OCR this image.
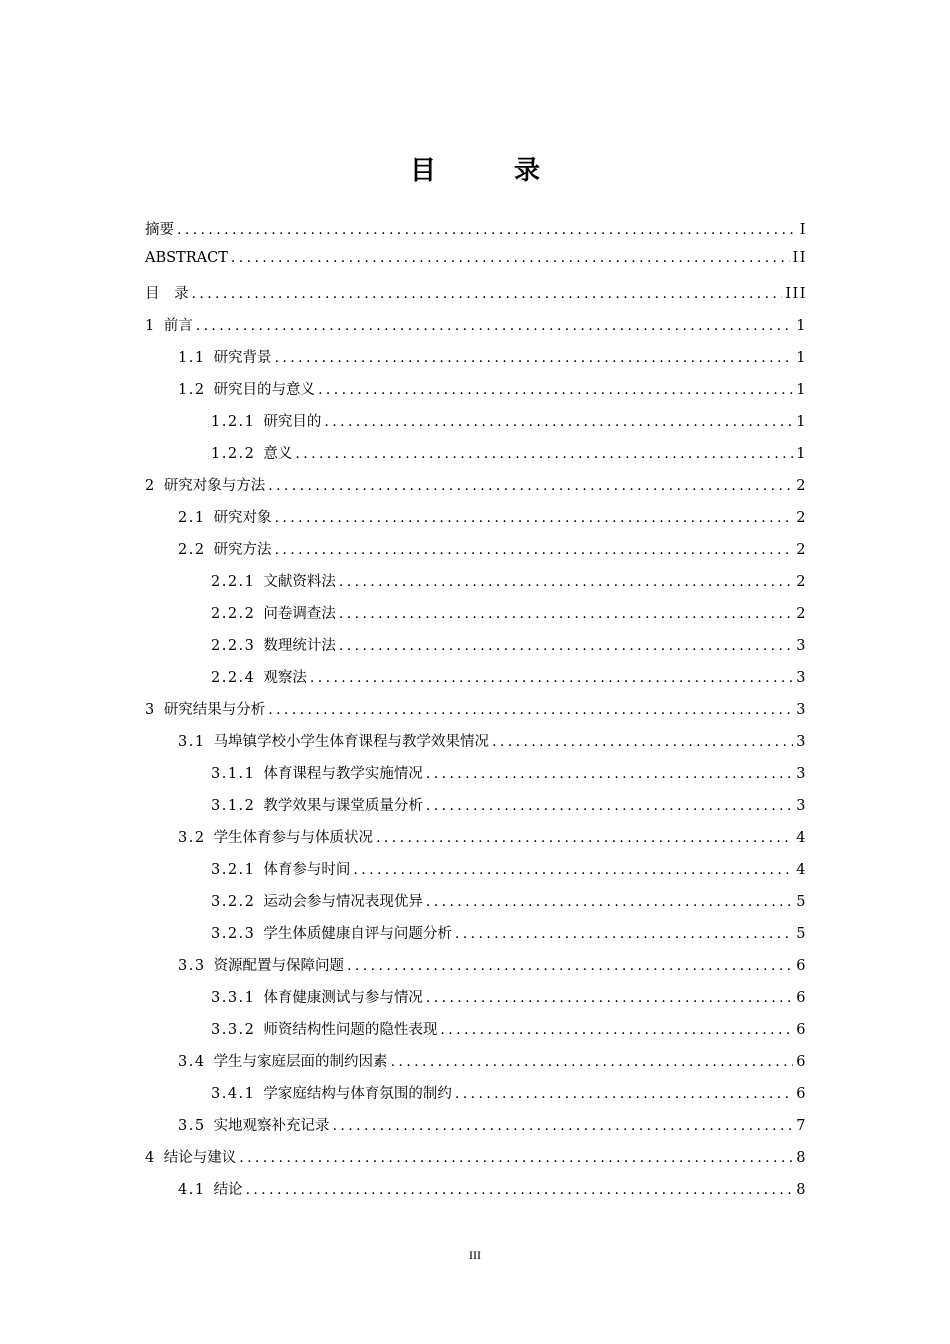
目　录
摘要 .....	I
ABSTRACT .....	II
目　录 .....	III
1 前言 .....	1
1.1 研究背景 .....	1
1.2 研究目的与意义 .....	1
1.2.1 研究目的 .....	1
1.2.2 意义 .....	1
2 研究对象与方法 .....	2
2.1 研究对象 .....	2
2.2 研究方法 .....	2
2.2.1 文献资料法 .....	2
2.2.2 问卷调查法 .....	2
2.2.3 数理统计法 .....	3
2.2.4 观察法 .....	3
3 研究结果与分析 .....	3
3.1 马埠镇学校小学生体育课程与教学效果情况 .....	3
3.1.1 体育课程与教学实施情况 .....	3
3.1.2 教学效果与课堂质量分析 .....	3
3.2 学生体育参与与体质状况 .....	4
3.2.1 体育参与时间 .....	4
3.2.2 运动会参与情况表现优异 .....	5
3.2.3 学生体质健康自评与问题分析 .....	5
3.3 资源配置与保障问题 .....	6
3.3.1 体育健康测试与参与情况 .....	6
3.3.2 师资结构性问题的隐性表现 .....	6
3.4 学生与家庭层面的制约因素 .....	6
3.4.1 学家庭结构与体育氛围的制约 .....	6
3.5 实地观察补充记录 .....	7
4 结论与建议 .....	8
4.1 结论 .....	8
III
